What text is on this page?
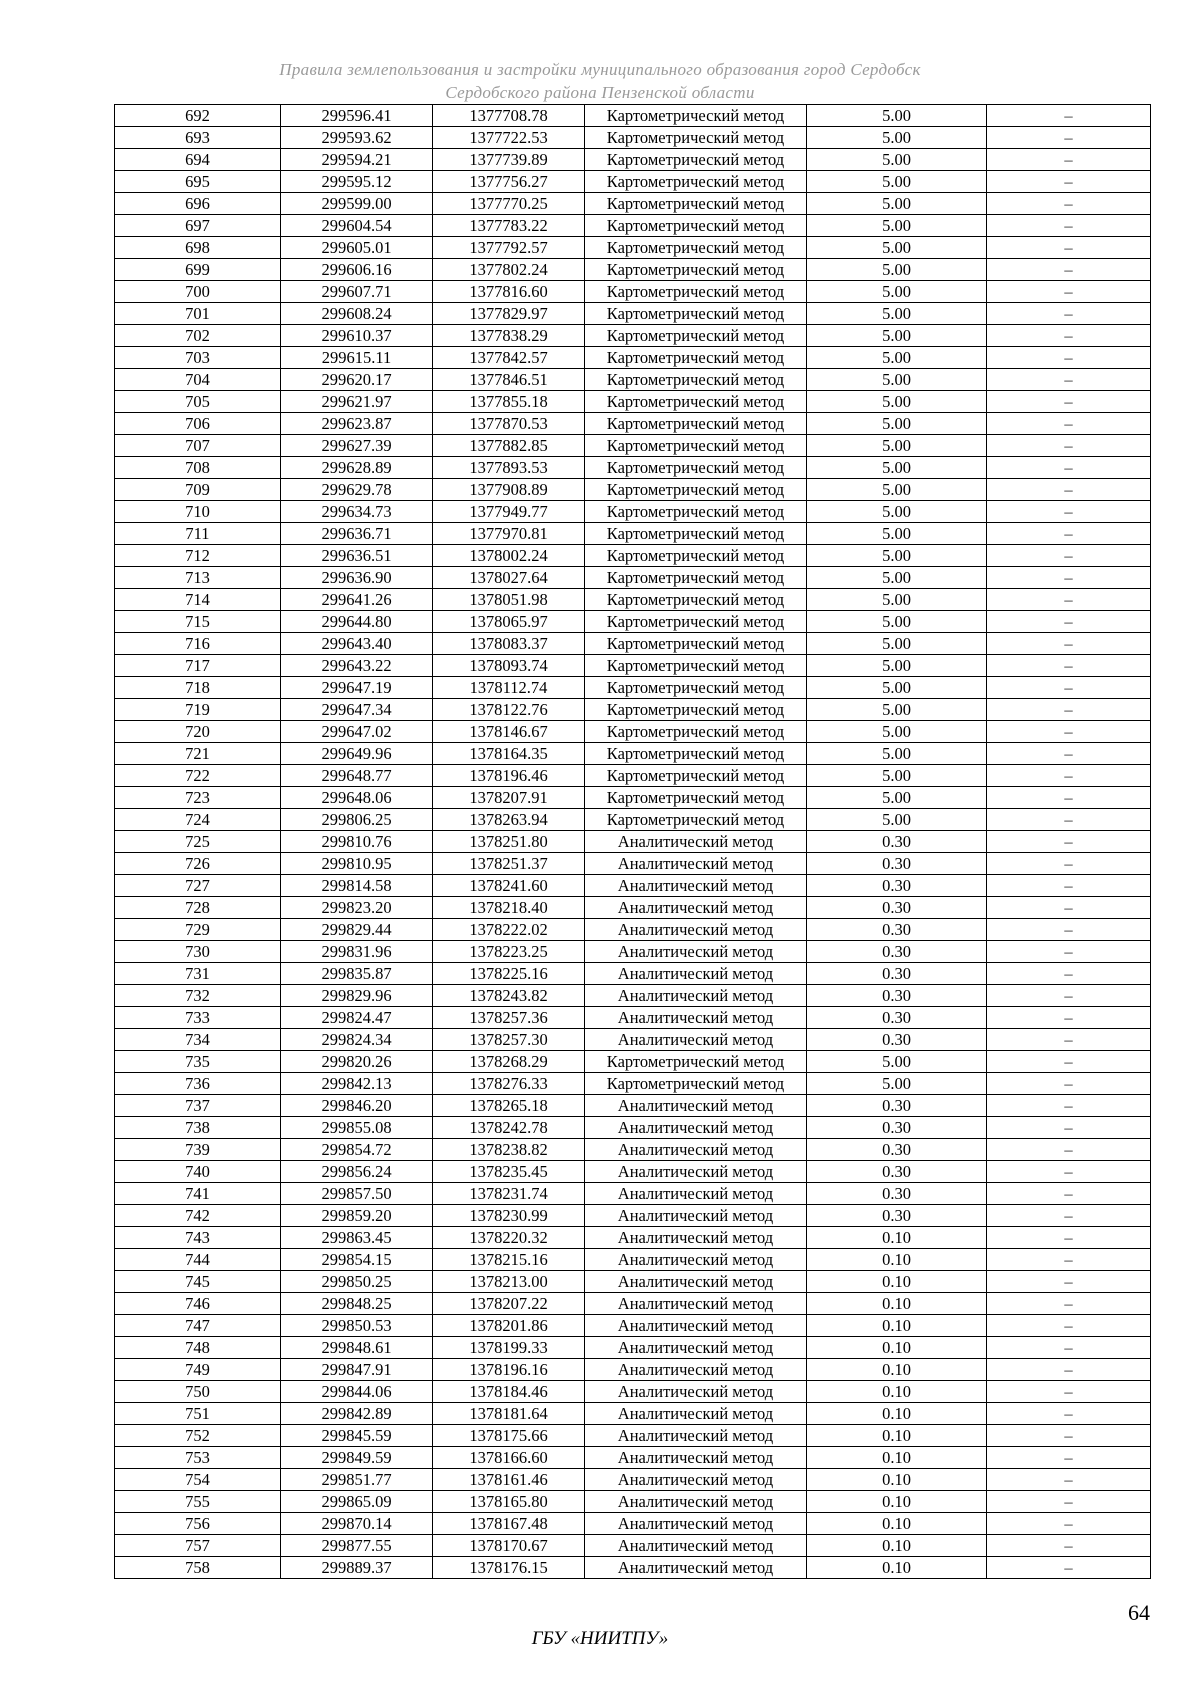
Правила землепользования и застройки муниципального образования город Сердобск
Сердобского района Пензенской области
692	299596.41	1377708.78	Картометрический метод	5.00	–
693	299593.62	1377722.53	Картометрический метод	5.00	–
694	299594.21	1377739.89	Картометрический метод	5.00	–
695	299595.12	1377756.27	Картометрический метод	5.00	–
696	299599.00	1377770.25	Картометрический метод	5.00	–
697	299604.54	1377783.22	Картометрический метод	5.00	–
698	299605.01	1377792.57	Картометрический метод	5.00	–
699	299606.16	1377802.24	Картометрический метод	5.00	–
700	299607.71	1377816.60	Картометрический метод	5.00	–
701	299608.24	1377829.97	Картометрический метод	5.00	–
702	299610.37	1377838.29	Картометрический метод	5.00	–
703	299615.11	1377842.57	Картометрический метод	5.00	–
704	299620.17	1377846.51	Картометрический метод	5.00	–
705	299621.97	1377855.18	Картометрический метод	5.00	–
706	299623.87	1377870.53	Картометрический метод	5.00	–
707	299627.39	1377882.85	Картометрический метод	5.00	–
708	299628.89	1377893.53	Картометрический метод	5.00	–
709	299629.78	1377908.89	Картометрический метод	5.00	–
710	299634.73	1377949.77	Картометрический метод	5.00	–
711	299636.71	1377970.81	Картометрический метод	5.00	–
712	299636.51	1378002.24	Картометрический метод	5.00	–
713	299636.90	1378027.64	Картометрический метод	5.00	–
714	299641.26	1378051.98	Картометрический метод	5.00	–
715	299644.80	1378065.97	Картометрический метод	5.00	–
716	299643.40	1378083.37	Картометрический метод	5.00	–
717	299643.22	1378093.74	Картометрический метод	5.00	–
718	299647.19	1378112.74	Картометрический метод	5.00	–
719	299647.34	1378122.76	Картометрический метод	5.00	–
720	299647.02	1378146.67	Картометрический метод	5.00	–
721	299649.96	1378164.35	Картометрический метод	5.00	–
722	299648.77	1378196.46	Картометрический метод	5.00	–
723	299648.06	1378207.91	Картометрический метод	5.00	–
724	299806.25	1378263.94	Картометрический метод	5.00	–
725	299810.76	1378251.80	Аналитический метод	0.30	–
726	299810.95	1378251.37	Аналитический метод	0.30	–
727	299814.58	1378241.60	Аналитический метод	0.30	–
728	299823.20	1378218.40	Аналитический метод	0.30	–
729	299829.44	1378222.02	Аналитический метод	0.30	–
730	299831.96	1378223.25	Аналитический метод	0.30	–
731	299835.87	1378225.16	Аналитический метод	0.30	–
732	299829.96	1378243.82	Аналитический метод	0.30	–
733	299824.47	1378257.36	Аналитический метод	0.30	–
734	299824.34	1378257.30	Аналитический метод	0.30	–
735	299820.26	1378268.29	Картометрический метод	5.00	–
736	299842.13	1378276.33	Картометрический метод	5.00	–
737	299846.20	1378265.18	Аналитический метод	0.30	–
738	299855.08	1378242.78	Аналитический метод	0.30	–
739	299854.72	1378238.82	Аналитический метод	0.30	–
740	299856.24	1378235.45	Аналитический метод	0.30	–
741	299857.50	1378231.74	Аналитический метод	0.30	–
742	299859.20	1378230.99	Аналитический метод	0.30	–
743	299863.45	1378220.32	Аналитический метод	0.10	–
744	299854.15	1378215.16	Аналитический метод	0.10	–
745	299850.25	1378213.00	Аналитический метод	0.10	–
746	299848.25	1378207.22	Аналитический метод	0.10	–
747	299850.53	1378201.86	Аналитический метод	0.10	–
748	299848.61	1378199.33	Аналитический метод	0.10	–
749	299847.91	1378196.16	Аналитический метод	0.10	–
750	299844.06	1378184.46	Аналитический метод	0.10	–
751	299842.89	1378181.64	Аналитический метод	0.10	–
752	299845.59	1378175.66	Аналитический метод	0.10	–
753	299849.59	1378166.60	Аналитический метод	0.10	–
754	299851.77	1378161.46	Аналитический метод	0.10	–
755	299865.09	1378165.80	Аналитический метод	0.10	–
756	299870.14	1378167.48	Аналитический метод	0.10	–
757	299877.55	1378170.67	Аналитический метод	0.10	–
758	299889.37	1378176.15	Аналитический метод	0.10	–
64
ГБУ «НИИТПУ»
